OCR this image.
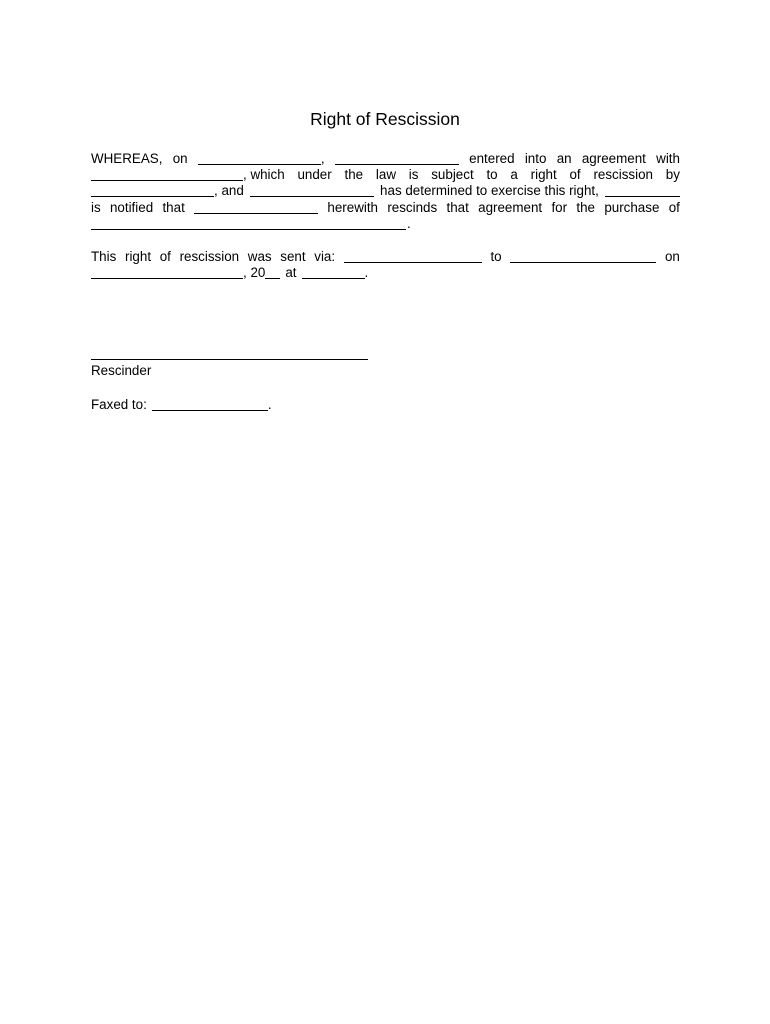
Right of Rescission
WHEREAS, on	,	entered into an agreement with
, which under the law is subject to a right of rescission by
, and	has determined to exercise this right,
is notified that	herewith rescinds that agreement for the purchase of
.
This right of rescission was sent via:	to	on
, 20 at	.
Rescinder
Faxed to:	.
